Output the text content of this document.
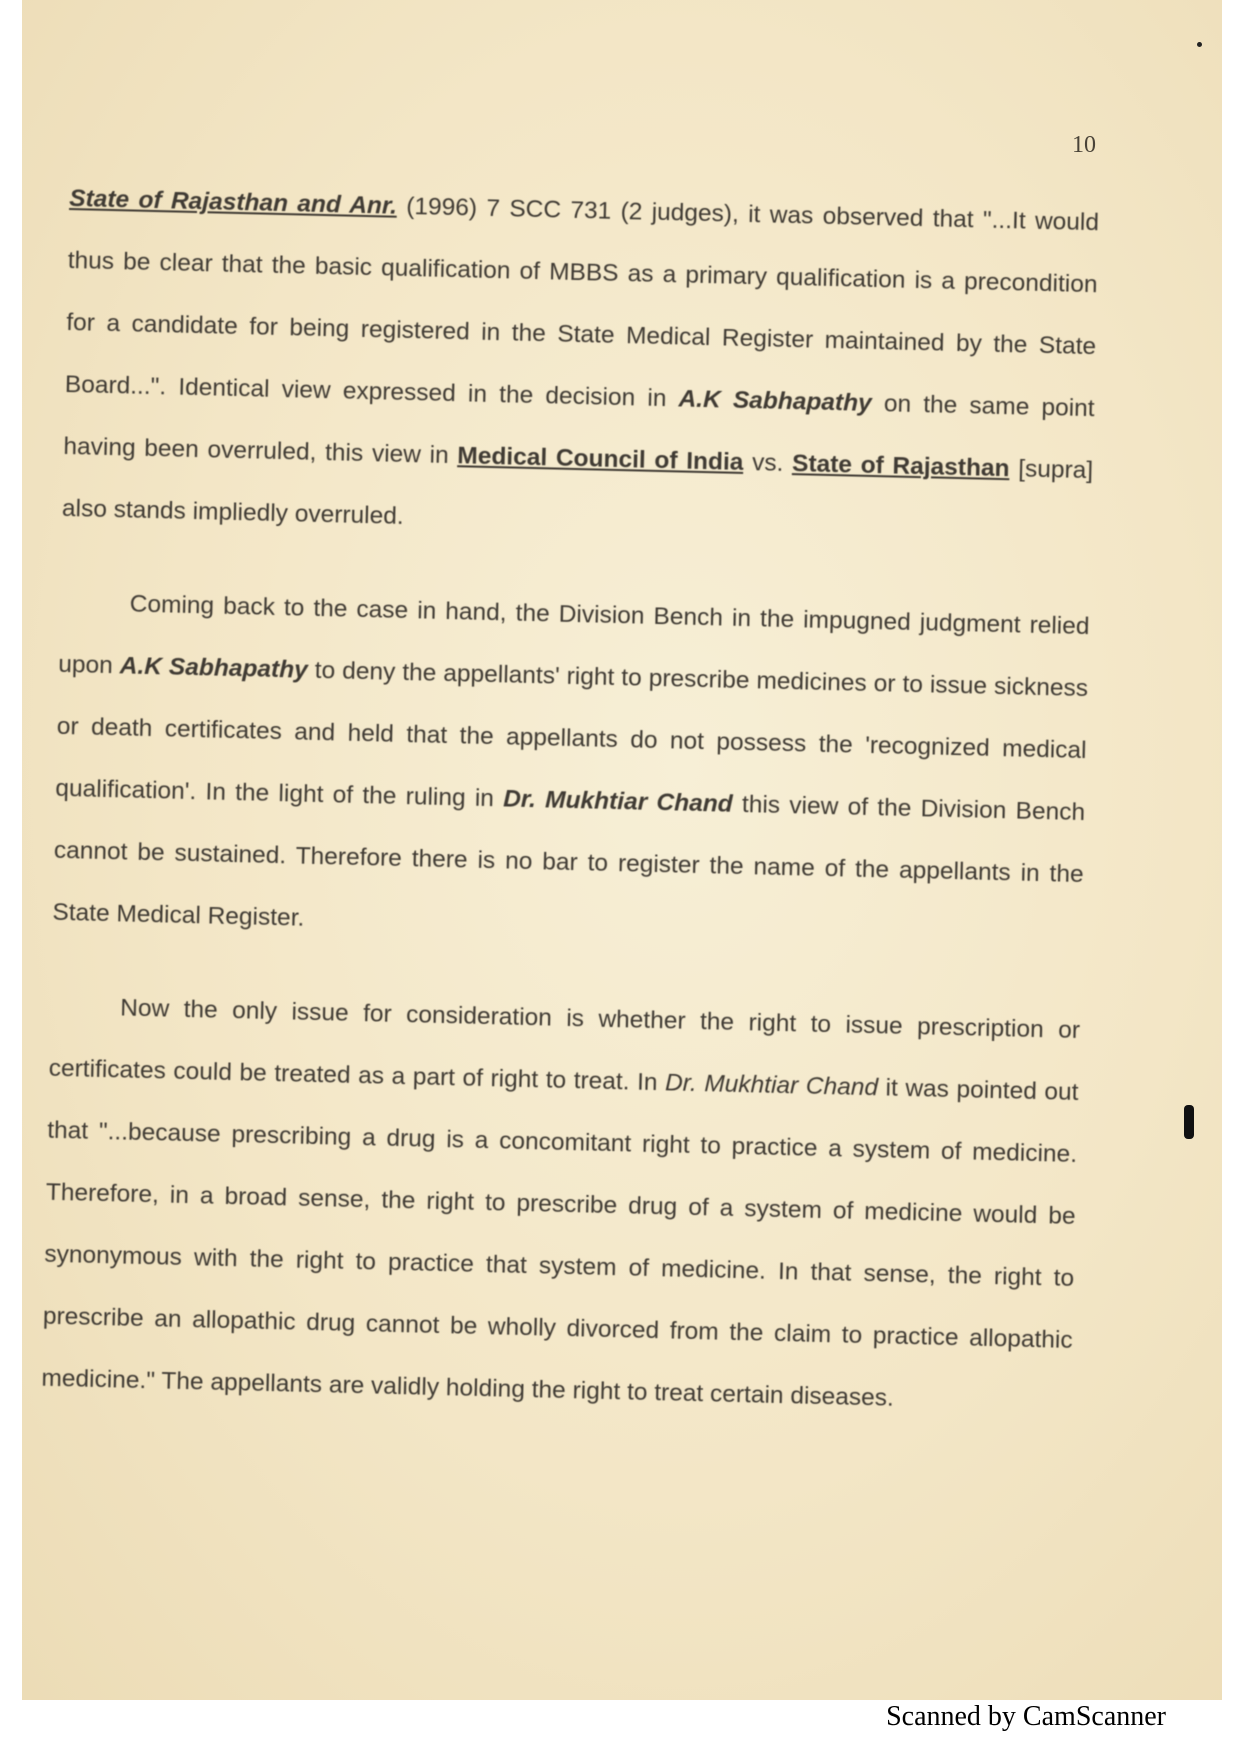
10

State of Rajasthan and Anr. (1996) 7 SCC 731 (2 judges), it was observed that "...It would thus be clear that the basic qualification of MBBS as a primary qualification is a precondition for a candidate for being registered in the State Medical Register maintained by the State Board...". Identical view expressed in the decision in A.K Sabhapathy on the same point having been overruled, this view in Medical Council of India vs. State of Rajasthan [supra] also stands impliedly overruled.

Coming back to the case in hand, the Division Bench in the impugned judgment relied upon A.K Sabhapathy to deny the appellants' right to prescribe medicines or to issue sickness or death certificates and held that the appellants do not possess the 'recognized medical qualification'. In the light of the ruling in Dr. Mukhtiar Chand this view of the Division Bench cannot be sustained. Therefore there is no bar to register the name of the appellants in the State Medical Register.

Now the only issue for consideration is whether the right to issue prescription or certificates could be treated as a part of right to treat. In Dr. Mukhtiar Chand it was pointed out that "...because prescribing a drug is a concomitant right to practice a system of medicine. Therefore, in a broad sense, the right to prescribe drug of a system of medicine would be synonymous with the right to practice that system of medicine. In that sense, the right to prescribe an allopathic drug cannot be wholly divorced from the claim to practice allopathic medicine." The appellants are validly holding the right to treat certain diseases.

Scanned by CamScanner
